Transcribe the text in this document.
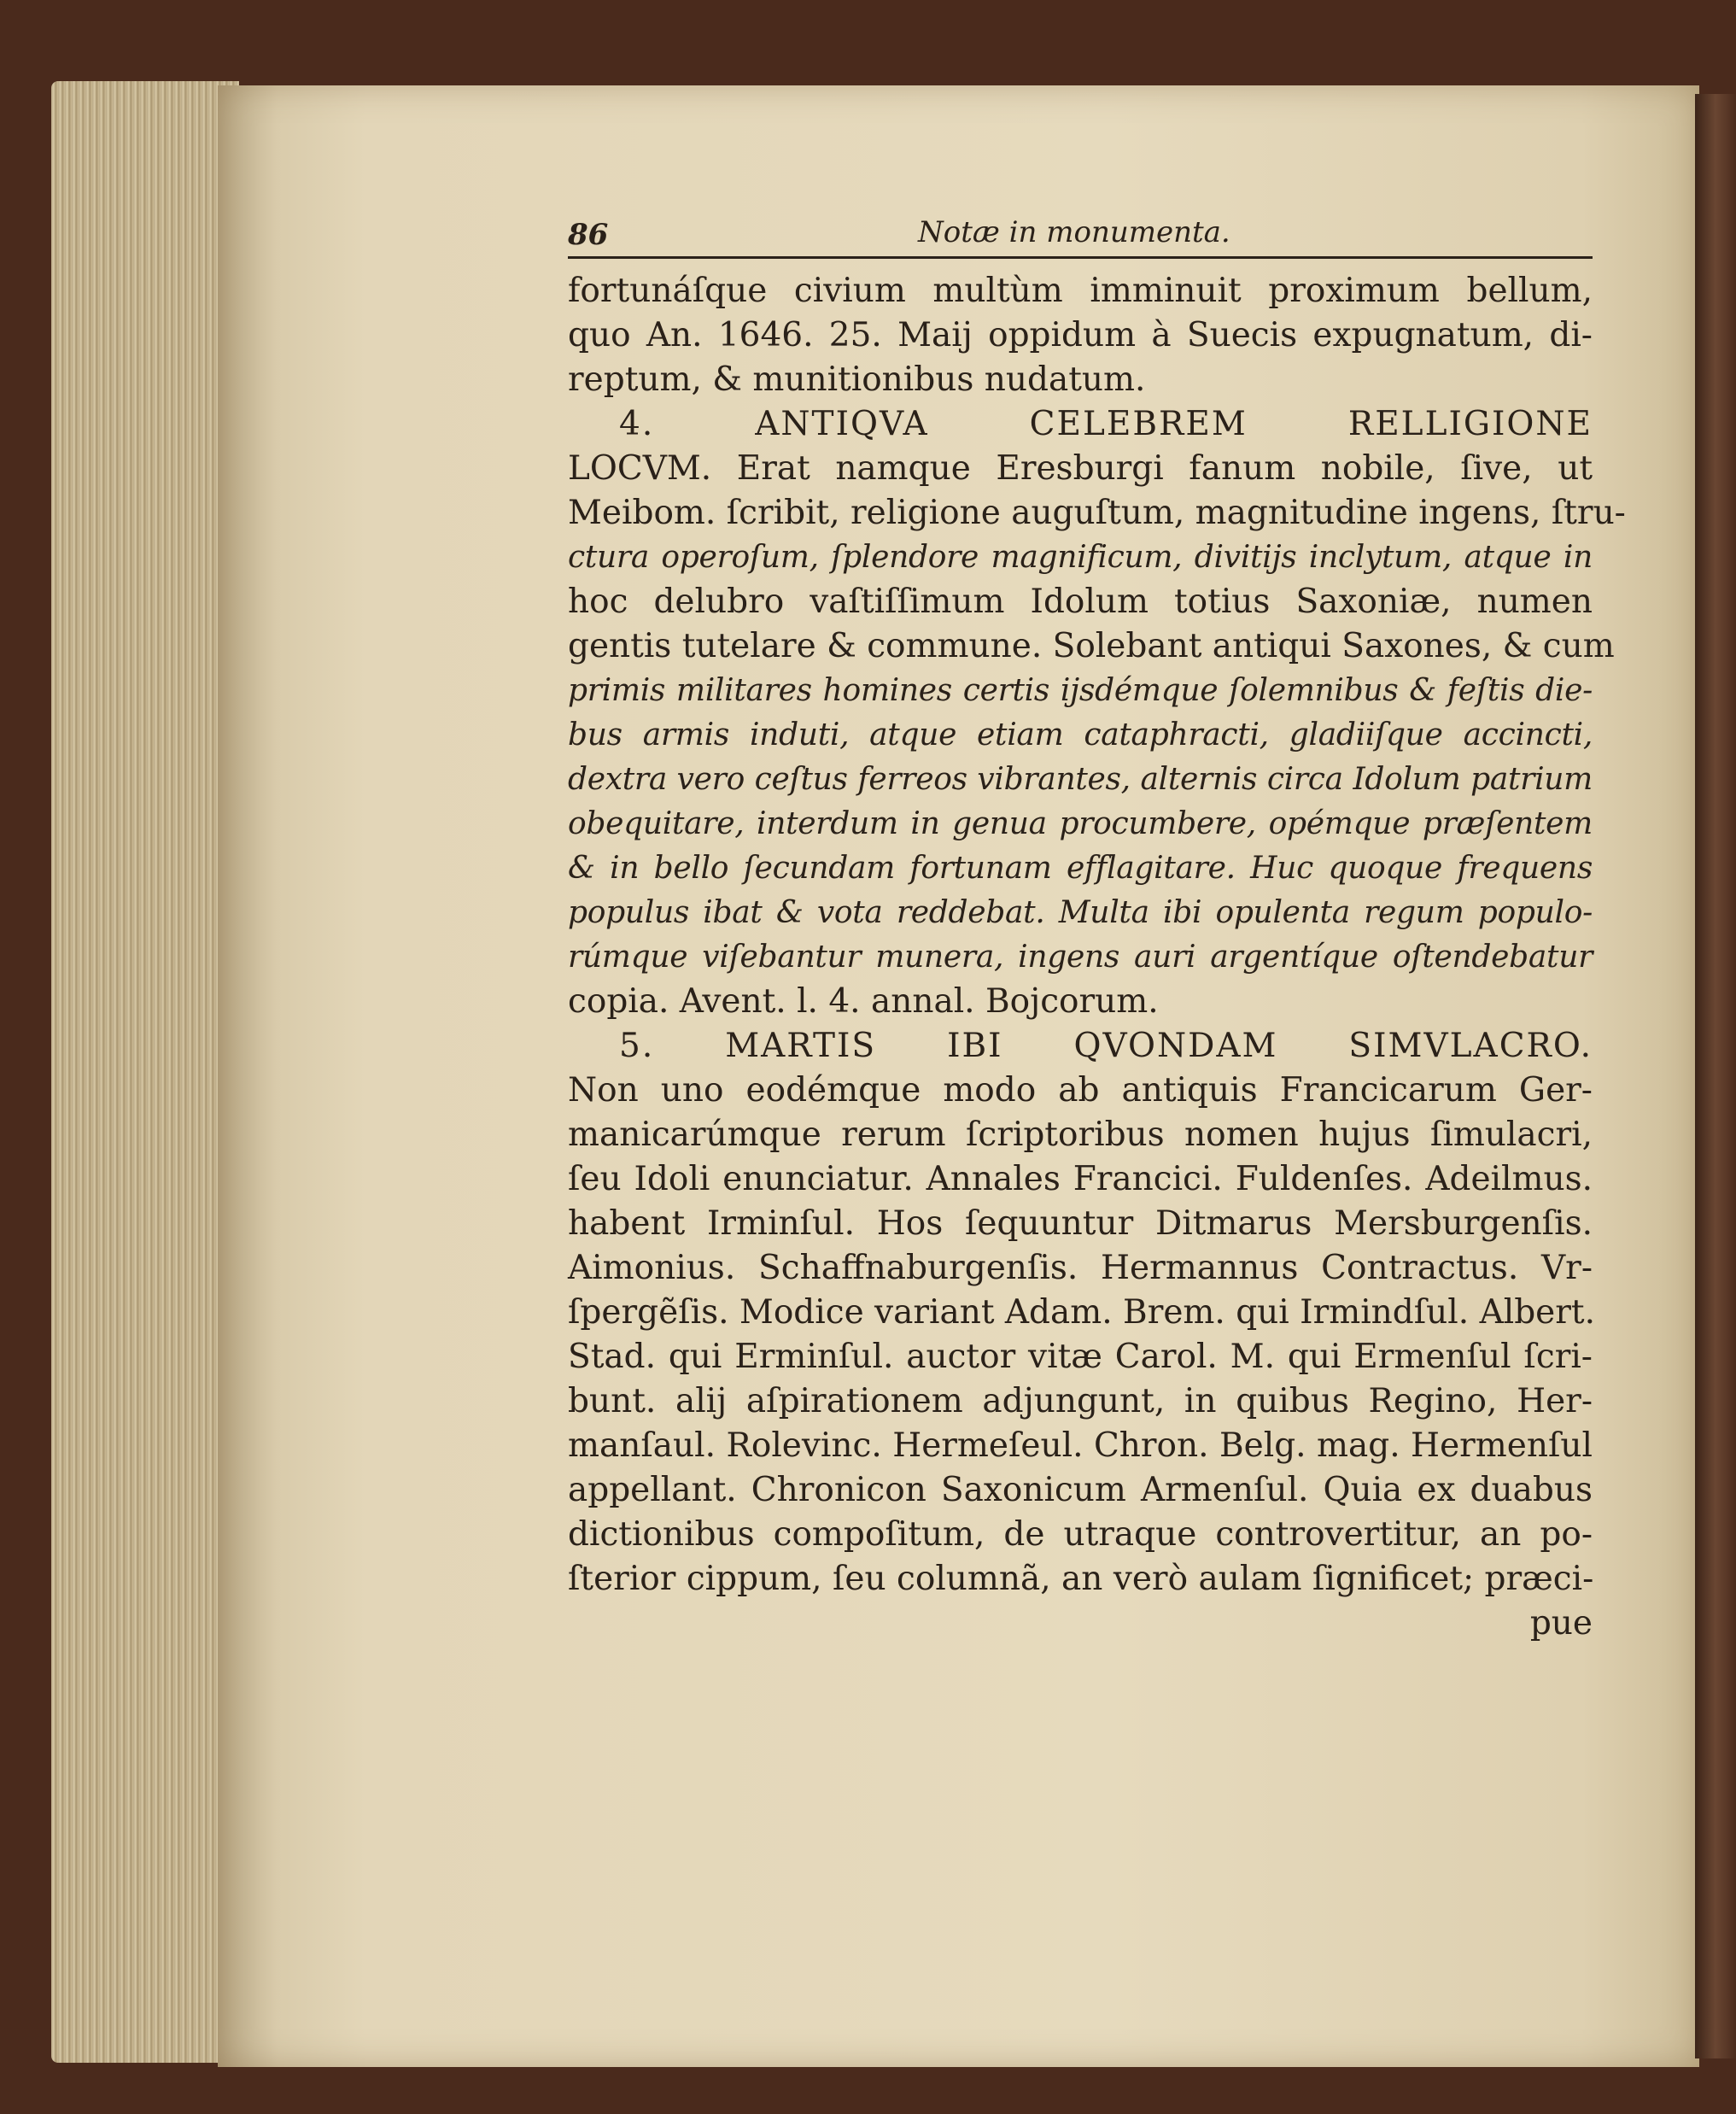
86	Notæ in monumenta.
fortunáſque civium multùm imminuit proximum bellum,
quo An. 1646. 25. Maij oppidum à Suecis expugnatum, di-
reptum, & munitionibus nudatum.
4. ANTIQVA CELEBREM RELLIGIONE
LOCVM. Erat namque Eresburgi fanum nobile, ſive, ut
Meibom. ſcribit, religione auguſtum, magnitudine ingens, ſtru-
ctura operoſum, ſplendore magnificum, divitijs inclytum, atque in
hoc delubro vaſtiſſimum Idolum totius Saxoniæ, numen
gentis tutelare & commune. Solebant antiqui Saxones, & cum
primis militares homines certis ijsdémque ſolemnibus & feſtis die-
bus armis induti, atque etiam cataphracti, gladiiſque accincti,
dextra vero ceſtus ferreos vibrantes, alternis circa Idolum patrium
obequitare, interdum in genua procumbere, opémque præſentem
& in bello ſecundam fortunam efflagitare. Huc quoque frequens
populus ibat & vota reddebat. Multa ibi opulenta regum populo-
rúmque viſebantur munera, ingens auri argentíque oſtendebatur
copia. Avent. l. 4. annal. Bojcorum.
5. MARTIS IBI QVONDAM SIMVLACRO.
Non uno eodémque modo ab antiquis Francicarum Ger-
manicarúmque rerum ſcriptoribus nomen hujus ſimulacri,
ſeu Idoli enunciatur. Annales Francici. Fuldenſes. Adeilmus.
habent Irminſul. Hos ſequuntur Ditmarus Mersburgenſis.
Aimonius. Schaffnaburgenſis. Hermannus Contractus. Vr-
ſpergẽſis. Modice variant Adam. Brem. qui Irmindſul. Albert.
Stad. qui Erminſul. auctor vitæ Carol. M. qui Ermenſul ſcri-
bunt. alij aſpirationem adjungunt, in quibus Regino, Her-
manſaul. Rolevinc. Hermeſeul. Chron. Belg. mag. Hermenſul
appellant. Chronicon Saxonicum Armenſul. Quia ex duabus
dictionibus compoſitum, de utraque controvertitur, an po-
ſterior cippum, ſeu columnã, an verò aulam ſignificet; præci-
pue
